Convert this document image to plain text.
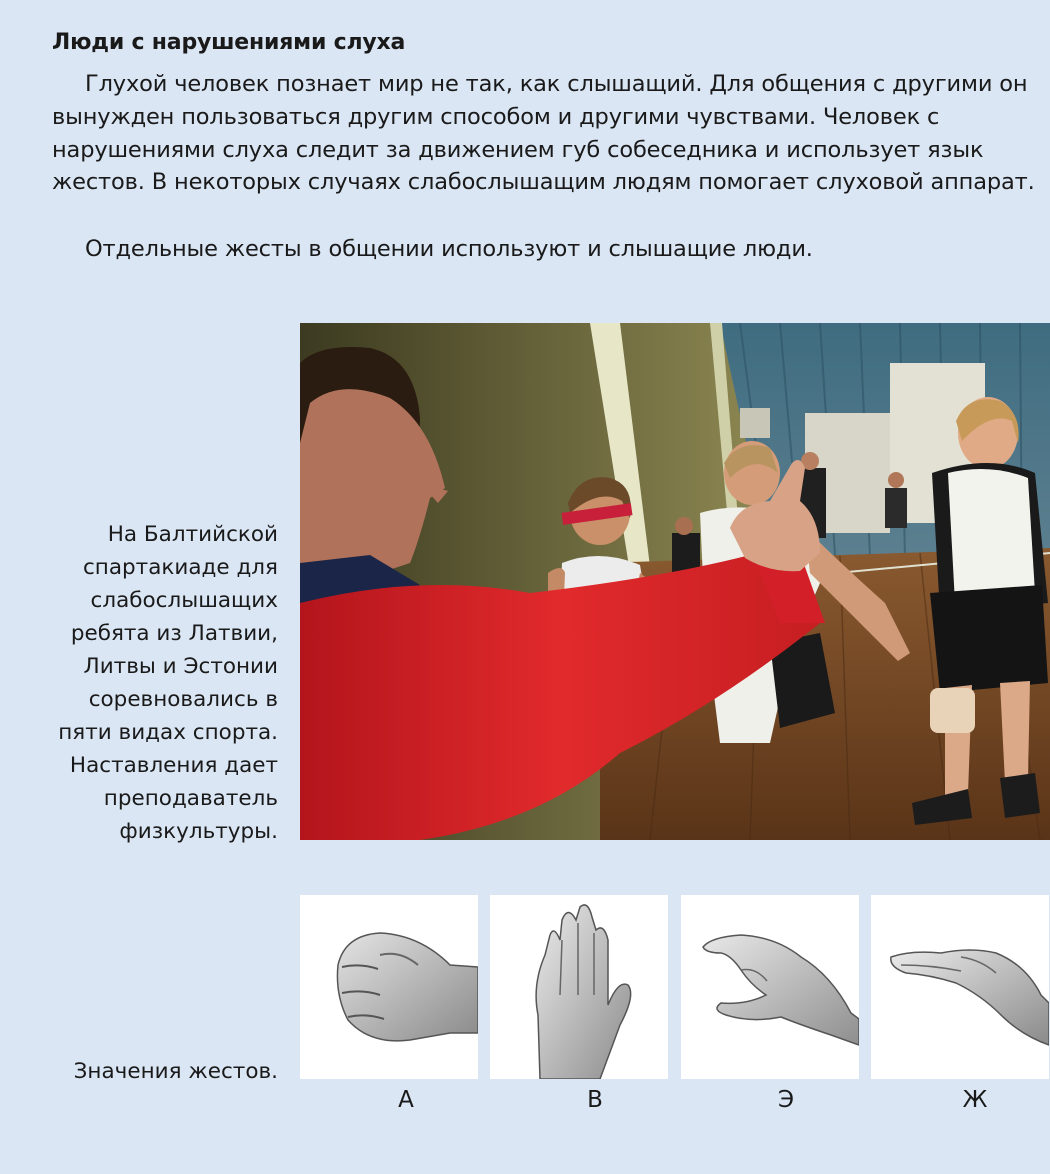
Люди с нарушениями слуха

Глухой человек познает мир не так, как слышащий. Для общения с другими он вынужден пользоваться другим способом и другими чувствами. Человек с нарушениями слуха следит за движением губ собеседника и использует язык жестов. В некоторых случаях слабослышащим людям помогает слуховой аппарат.

Отдельные жесты в общении используют и слышащие люди.

На Балтийской
спартакиаде для
слабослышащих
ребята из Латвии,
Литвы и Эстонии
соревновались в
пяти видах спорта.
Наставления дает
преподаватель
физкультуры.
А	В	Э	Ж
Значения жестов.
